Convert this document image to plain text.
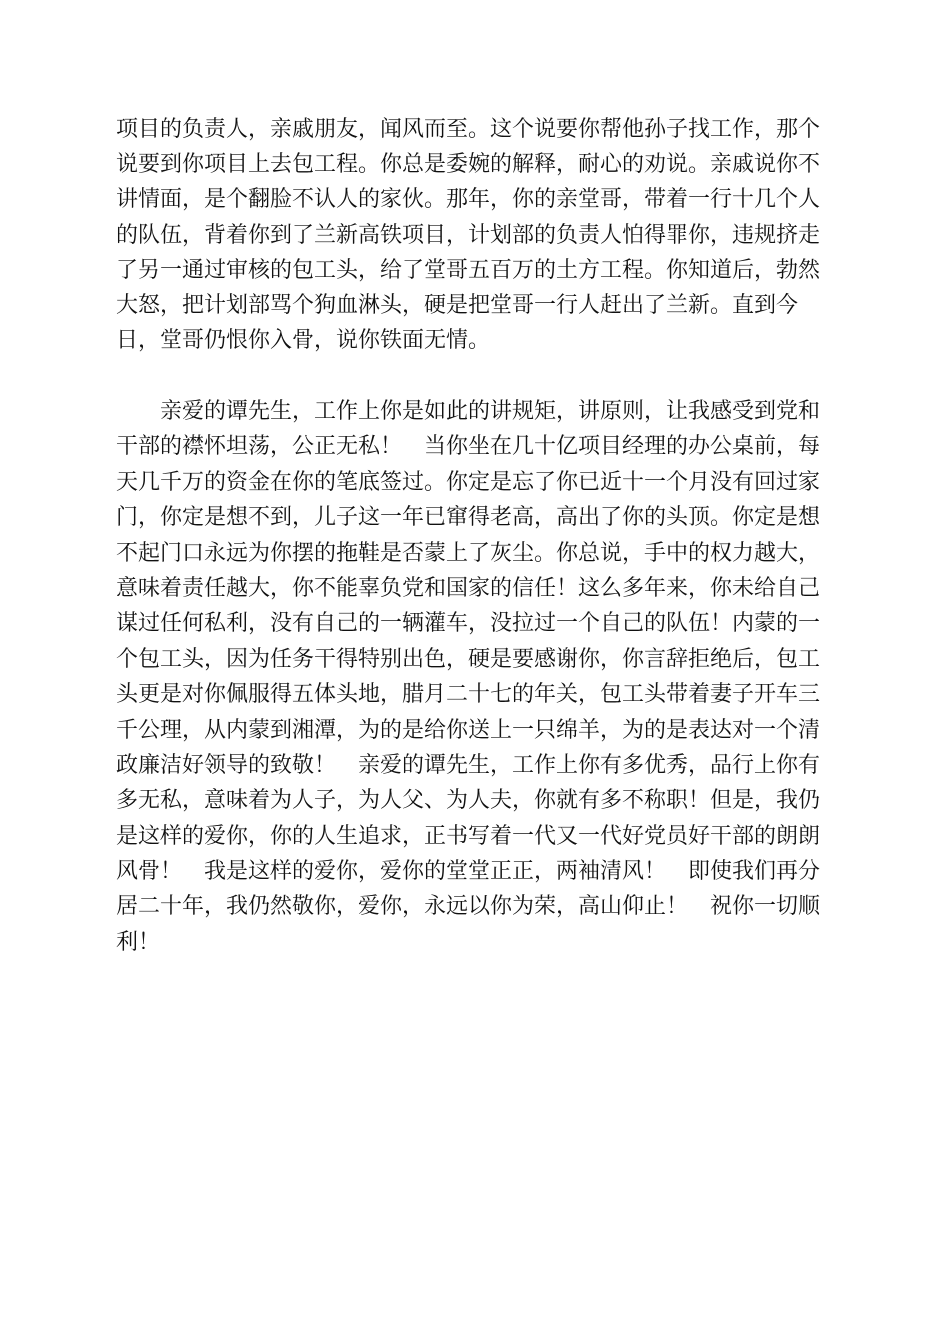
项目的负责人，亲戚朋友，闻风而至。这个说要你帮他孙子找工作，那个
说要到你项目上去包工程。你总是委婉的解释，耐心的劝说。亲戚说你不
讲情面，是个翻脸不认人的家伙。那年，你的亲堂哥，带着一行十几个人
的队伍，背着你到了兰新高铁项目，计划部的负责人怕得罪你，违规挤走
了另一通过审核的包工头，给了堂哥五百万的土方工程。你知道后，勃然
大怒，把计划部骂个狗血淋头，硬是把堂哥一行人赶出了兰新。直到今
日，堂哥仍恨你入骨，说你铁面无情。
亲爱的谭先生，工作上你是如此的讲规矩，讲原则，让我感受到党和
干部的襟怀坦荡，公正无私！　当你坐在几十亿项目经理的办公桌前，每
天几千万的资金在你的笔底签过。你定是忘了你已近十一个月没有回过家
门，你定是想不到，儿子这一年已窜得老高，高出了你的头顶。你定是想
不起门口永远为你摆的拖鞋是否蒙上了灰尘。你总说，手中的权力越大，
意味着责任越大，你不能辜负党和国家的信任！这么多年来，你未给自己
谋过任何私利，没有自己的一辆灌车，没拉过一个自己的队伍！内蒙的一
个包工头，因为任务干得特别出色，硬是要感谢你，你言辞拒绝后，包工
头更是对你佩服得五体头地，腊月二十七的年关，包工头带着妻子开车三
千公理，从内蒙到湘潭，为的是给你送上一只绵羊，为的是表达对一个清
政廉洁好领导的致敬！　亲爱的谭先生，工作上你有多优秀，品行上你有
多无私，意味着为人子，为人父、为人夫，你就有多不称职！但是，我仍
是这样的爱你，你的人生追求，正书写着一代又一代好党员好干部的朗朗
风骨！　我是这样的爱你，爱你的堂堂正正，两袖清风！　即使我们再分
居二十年，我仍然敬你，爱你，永远以你为荣，高山仰止！　祝你一切顺
利！
